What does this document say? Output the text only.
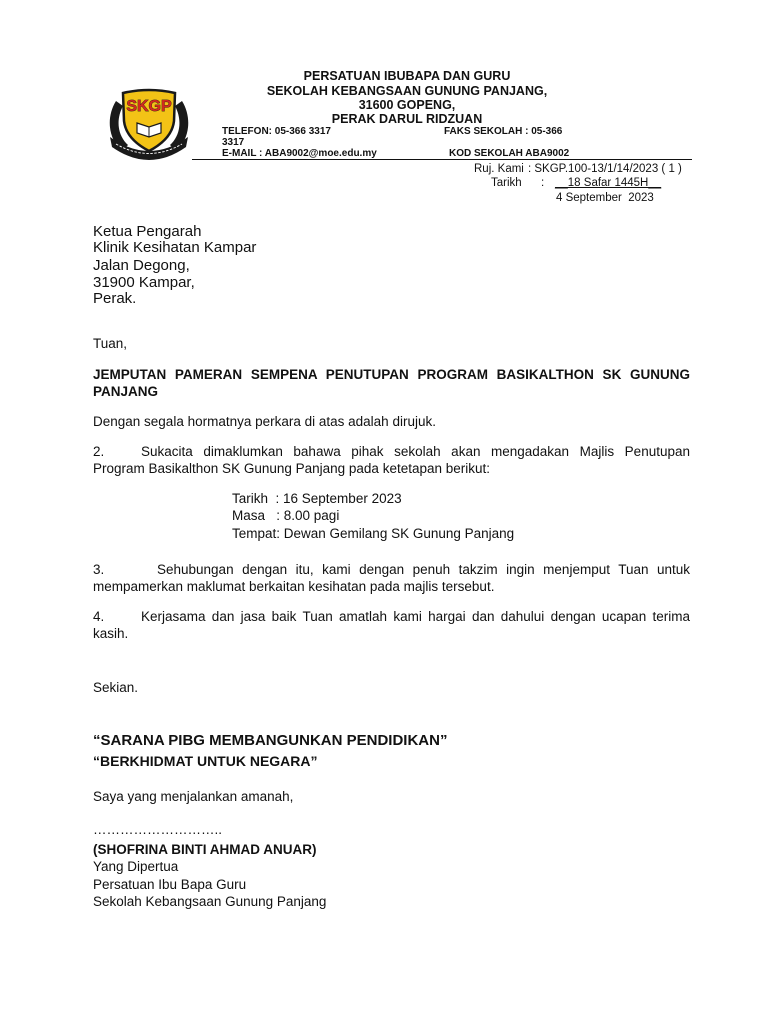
SKGP
PERSATUAN IBUBAPA DAN GURU
SEKOLAH KEBANGSAAN GUNUNG PANJANG,
31600 GOPENG,
PERAK DARUL RIDZUAN
TELEFON: 05-366 3317	FAKS SEKOLAH : 05-366
3317
E-MAIL : ABA9002@moe.edu.my	KOD SEKOLAH ABA9002
Ruj. Kami : SKGP.100-13/1/14/2023 ( 1 )
Tarikh : __18 Safar 1445H__
4 September  2023
Ketua Pengarah
Klinik Kesihatan Kampar
Jalan Degong,
31900 Kampar,
Perak.
Tuan,
JEMPUTAN PAMERAN SEMPENA PENUTUPAN PROGRAM BASIKALTHON SK GUNUNG
PANJANG
Dengan segala hormatnya perkara di atas adalah dirujuk.
2.	Sukacita dimaklumkan bahawa pihak sekolah akan mengadakan Majlis Penutupan
Program Basikalthon SK Gunung Panjang pada ketetapan berikut:
Tarikh  : 16 September 2023
Masa   : 8.00 pagi
Tempat: Dewan Gemilang SK Gunung Panjang
3.	Sehubungan dengan itu, kami dengan penuh takzim ingin menjemput Tuan untuk
mempamerkan maklumat berkaitan kesihatan pada majlis tersebut.
4.	Kerjasama dan jasa baik Tuan amatlah kami hargai dan dahului dengan ucapan terima
kasih.
Sekian.
“SARANA PIBG MEMBANGUNKAN PENDIDIKAN”
“BERKHIDMAT UNTUK NEGARA”
Saya yang menjalankan amanah,
………………………..
(SHOFRINA BINTI AHMAD ANUAR)
Yang Dipertua
Persatuan Ibu Bapa Guru
Sekolah Kebangsaan Gunung Panjang
